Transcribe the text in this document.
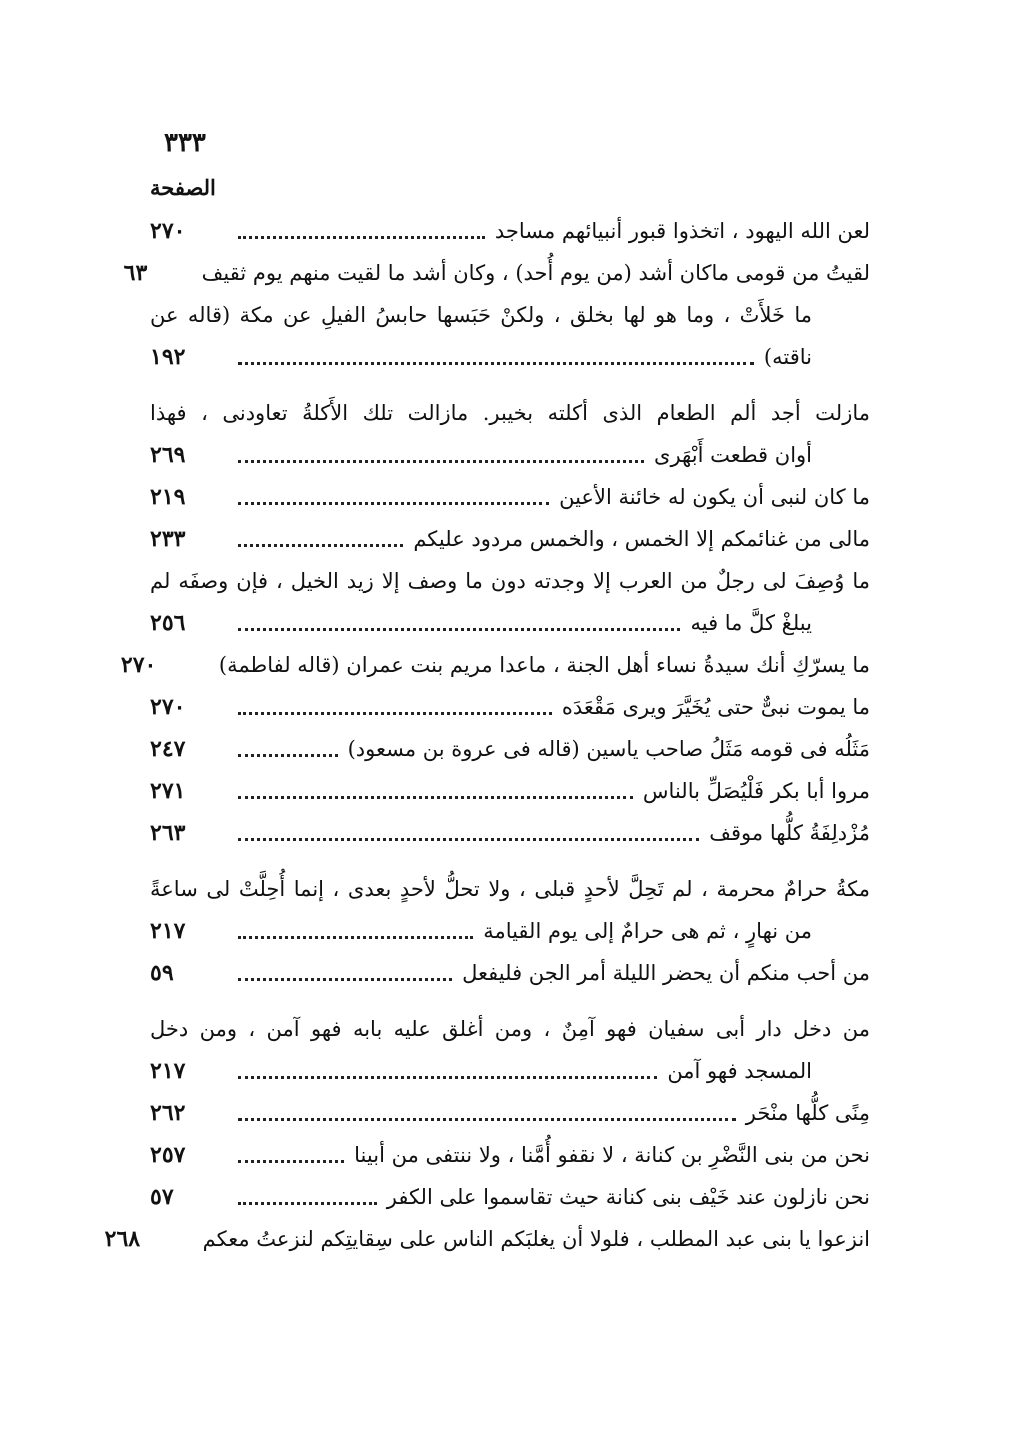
٣٣٣
الصفحة
لعن الله اليهود ، اتخذوا قبور أنبيائهم مساجد
٢٧٠
لقيتُ من قومى ماكان أشد (من يوم أُحد) ، وكان أشد ما لقيت منهم يوم ثقيف
٦٣
ما خَلأَتْ ، وما هو لها بخلق ، ولكنْ حَبَسها حابسُ الفيلِ عن مكة (قاله عن
ناقته)
١٩٢
مازلت أجد ألم الطعام الذى أكلته بخيبر. مازالت تلك الأَكلةُ تعاودنى ، فهذا
أوان قطعت أَبْهَرى
٢٦٩
ما كان لنبى أن يكون له خائنة الأعين
٢١٩
مالى من غنائمكم إلا الخمس ، والخمس مردود عليكم
٢٣٣
ما وُصِفَ لى رجلٌ من العرب إلا وجدته دون ما وصف إلا زيد الخيل ، فإن وصفَه لم
يبلغْ كلَّ ما فيه
٢٥٦
ما يسرّكِ أنك سيدةُ نساء أهل الجنة ، ماعدا مريم بنت عمران (قاله لفاطمة)
٢٧٠
ما يموت نبىٌّ حتى يُخَيَّرَ ويرى مَقْعَدَه
٢٧٠
مَثَلُه فى قومه مَثَلُ صاحب ياسين (قاله فى عروة بن مسعود)
٢٤٧
مروا أبا بكر فَلْيُصَلِّ بالناس
٢٧١
مُزْدلِفَةُ كلُّها موقف
٢٦٣
مكةُ حرامٌ محرمة ، لم تَحِلَّ لأحدٍ قبلى ، ولا تحلُّ لأحدٍ بعدى ، إنما أُحِلَّتْ لى ساعةً
من نهارٍ ، ثم هى حرامٌ إلى يوم القيامة
٢١٧
من أحب منكم أن يحضر الليلة أمر الجن فليفعل
٥٩
من دخل دار أبى سفيان فهو آمِنٌ ، ومن أغلق عليه بابه فهو آمن ، ومن دخل
المسجد فهو آمن
٢١٧
مِنًى كلُّها منْحَر
٢٦٢
نحن من بنى النَّضْرِ بن كنانة ، لا نقفو أُمَّنا ، ولا ننتفى من أبينا
٢٥٧
نحن نازلون عند خَيْف بنى كنانة حيث تقاسموا على الكفر
٥٧
انزعوا يا بنى عبد المطلب ، فلولا أن يغلبَكم الناس على سِقايتِكم لنزعتُ معكم
٢٦٨
